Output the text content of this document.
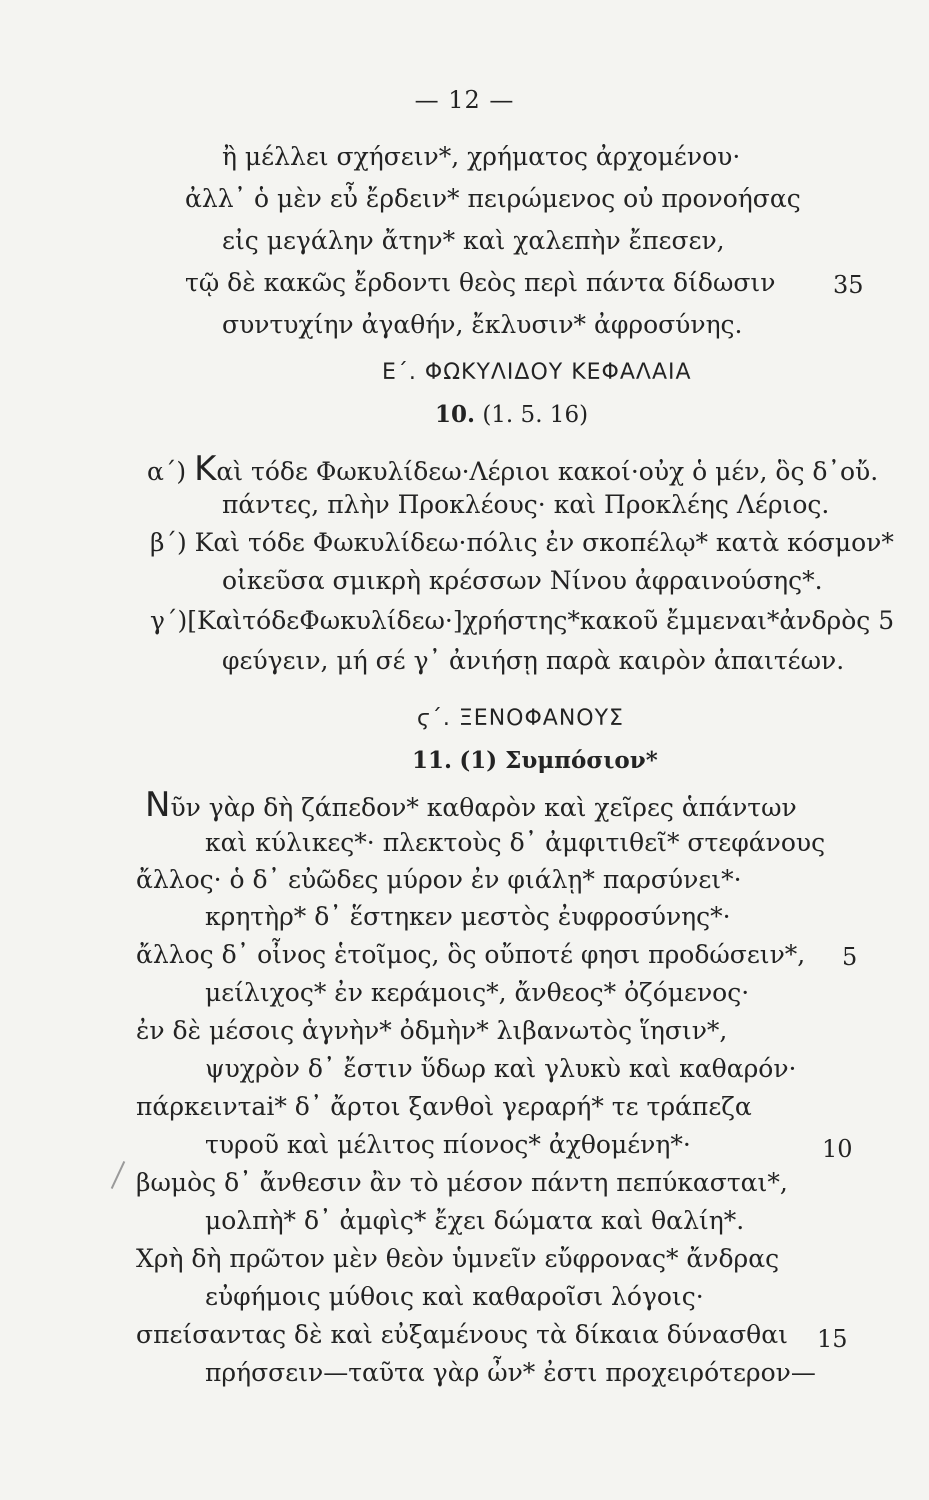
— 12 —
ἢ μέλλει σχήσειν*, χρήματος ἀρχομένου·
ἀλλ᾽ ὁ μὲν εὖ ἔρδειν* πειρώμενος οὐ προνοήσας
εἰς μεγάλην ἄτην* καὶ χαλεπὴν ἔπεσεν,
τῷ δὲ κακῶς ἔρδοντι θεὸς περὶ πάντα δίδωσιν 35
συντυχίην ἀγαθήν, ἔκλυσιν* ἀφροσύνης.
Ε΄. ΦΩΚΥΛΙΔΟΥ ΚΕΦΑΛΑΙΑ
10. (1. 5. 16)
α΄) Kαὶ τόδε Φωκυλίδεω·Λέριοι κακοί·οὐχ ὁ μέν, ὃς δ᾽οὔ.
πάντες, πλὴν Προκλέους· καὶ Προκλέης Λέριος.
β΄) Καὶ τόδε Φωκυλίδεω·πόλις ἐν σκοπέλῳ* κατὰ κόσμον*
οἰκεῦσα σμικρὴ κρέσσων Νίνου ἀφραινούσης*.
γ΄)[ΚαὶτόδεΦωκυλίδεω·]χρήστης*κακοῦ ἔμμεναι*ἀνδρὸς 5
φεύγειν, μή σέ γ᾽ ἀνιήσῃ παρὰ καιρὸν ἀπαιτέων.
ϛ΄. ΞΕΝΟΦΑΝΟΥΣ
11. (1) Συμπόσιον*
Nῦν γὰρ δὴ ζάπεδον* καθαρὸν καὶ χεῖρες ἁπάντων
καὶ κύλικες*· πλεκτοὺς δ᾽ ἀμφιτιθεῖ* στεφάνους
ἄλλος· ὁ δ᾽ εὐῶδες μύρον ἐν φιάλῃ* παρσύνει*·
κρητὴρ* δ᾽ ἕστηκεν μεστὸς ἐυφροσύνης*·
ἄλλος δ᾽ οἶνος ἑτοῖμος, ὃς οὔποτέ φησι προδώσειν*, 5
μείλιχος* ἐν κεράμοις*, ἄνθεος* ὀζόμενος·
ἐν δὲ μέσοις ἁγνὴν* ὀδμὴν* λιβανωτὸς ἵησιν*,
ψυχρὸν δ᾽ ἔστιν ὕδωρ καὶ γλυκὺ καὶ καθαρόν·
πάρκειντai* δ᾽ ἄρτοι ξανθοὶ γεραρή* τε τράπεζα
τυροῦ καὶ μέλιτος πίονος* ἀχθομένη*·	10
βωμὸς δ᾽ ἄνθεσιν ἂν τὸ μέσον πάντη πεπύκασται*,
μολπὴ* δ᾽ ἀμφὶς* ἔχει δώματα καὶ θαλίη*.
Χρὴ δὴ πρῶτον μὲν θεὸν ὑμνεῖν εὔφρονας* ἄνδρας
εὐφήμοις μύθοις καὶ καθαροῖσι λόγοις·
σπείσαντας δὲ καὶ εὐξαμένους τὰ δίκαια δύνασθαι 15
πρήσσειν—ταῦτα γὰρ ὦν* ἐστι προχειρότερον—
